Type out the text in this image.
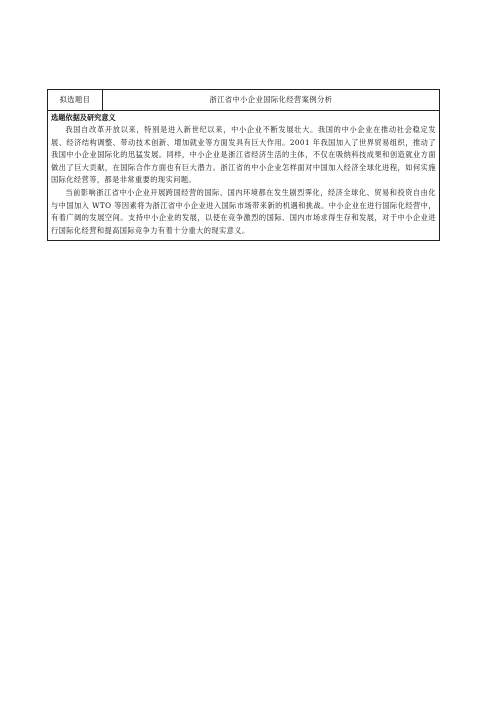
拟选题目	浙江省中小企业国际化经营案例分析

选题依据及研究意义

我国自改革开放以来，特别是进入新世纪以来，中小企业不断发展壮大。我国的中小企业在推动社会稳定发展、经济结构调整、带动技术创新、增加就业等方面发具有巨大作用。2001 年我国加入了世界贸易组织，推动了我国中小企业国际化的迅猛发展。同样，中小企业是浙江省经济生活的主体，不仅在吸纳科技成果和创造就业方面做出了巨大贡献，在国际合作方面也有巨大潜力。浙江省的中小企业怎样面对中国加入经济全球化进程，如何实施国际化经营等，都是非常重要的现实问题。

当前影响浙江省中小企业开展跨国经营的国际、国内环境都在发生剧烈霁化，经济全球化、贸易和投资自由化与中国加入 WTO 等因素将为浙江省中小企业进入国际市场带来新的机遇和挑战。中小企业在进行国际化经营中，有着广阔的发展空间。支持中小企业的发展，以使在竞争激烈的国际、国内市场求得生存和发展，对于中小企业进行国际化经营和提高国际竞争力有着十分重大的现实意义。
